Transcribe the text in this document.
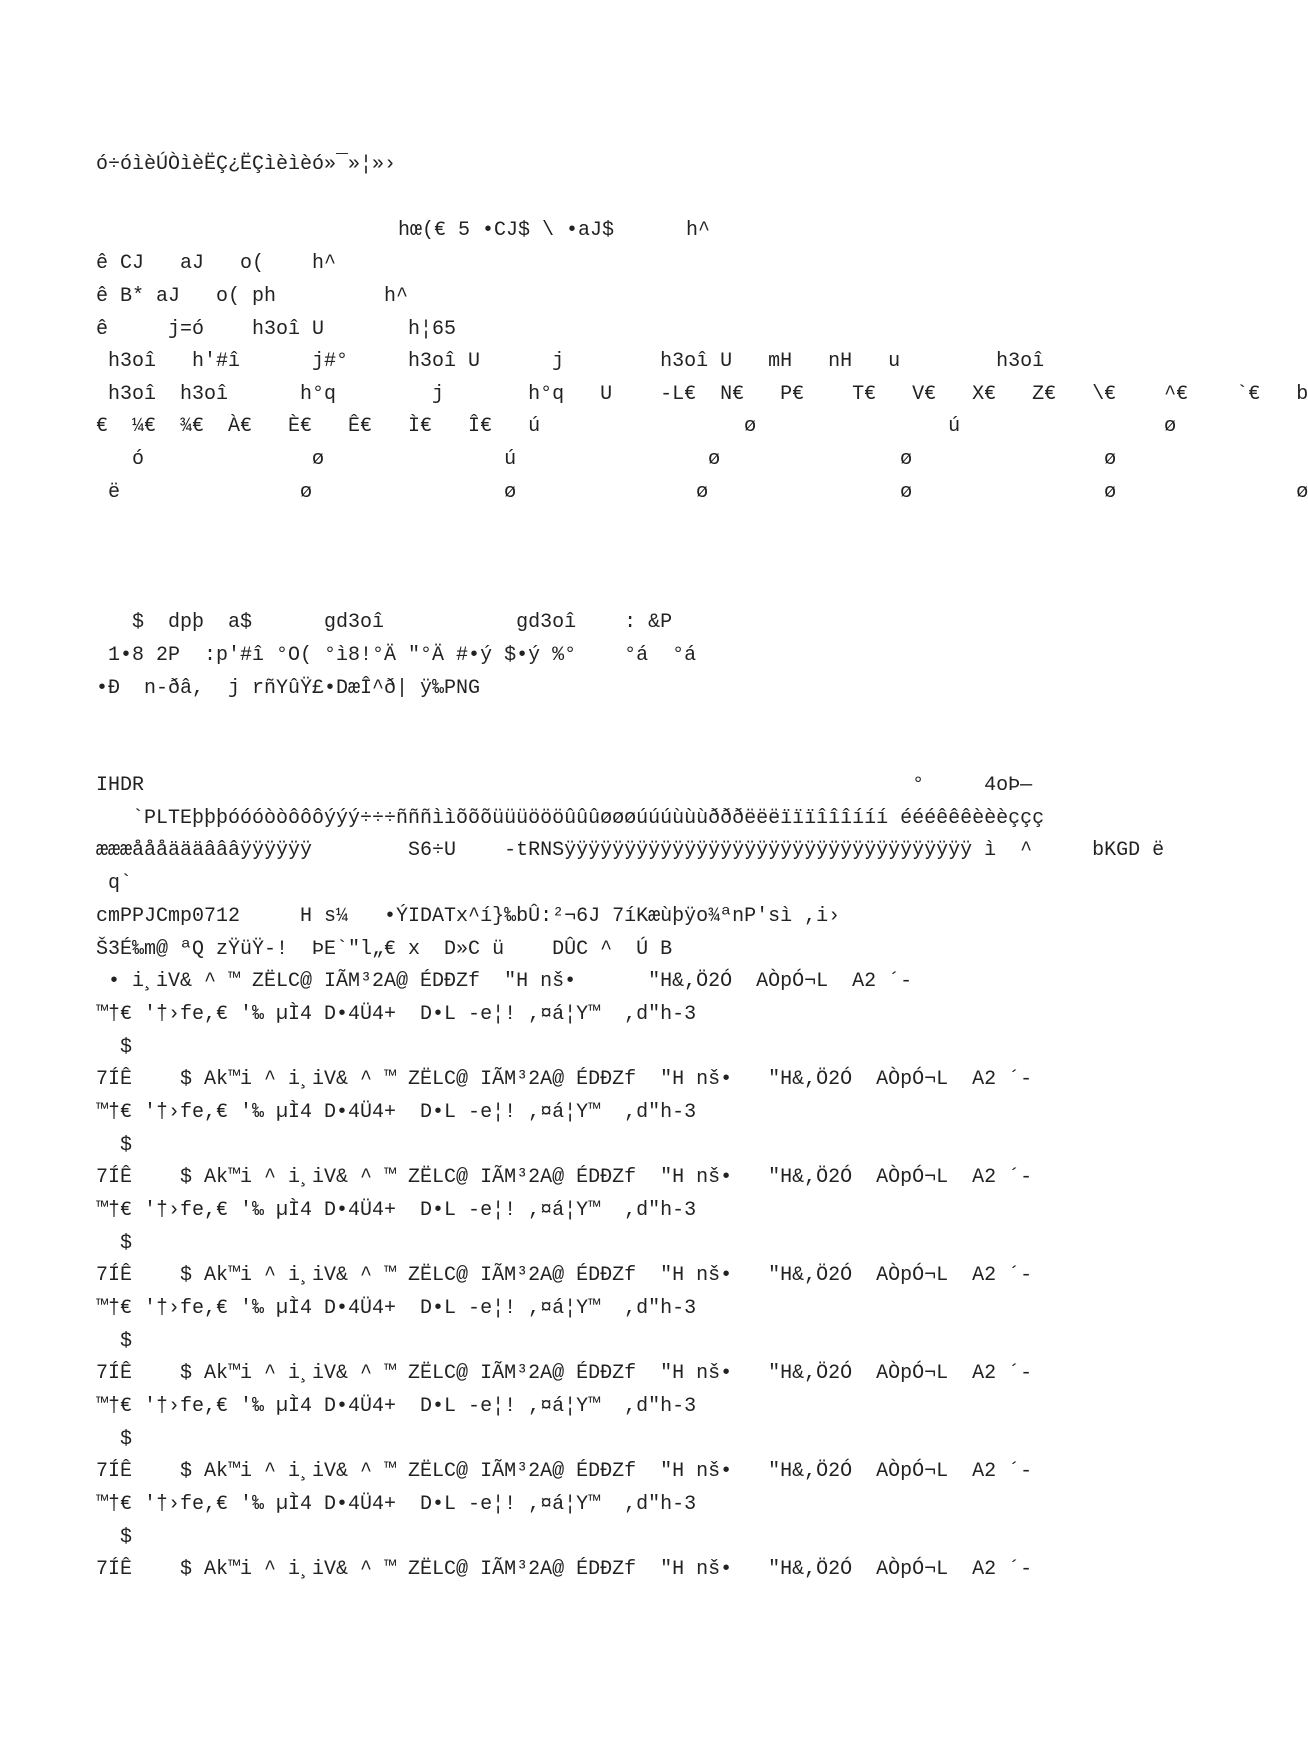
ó÷óìèÚÒìèËÇ¿ËÇìèìèó»¯»¦»›
hœ(€ 5 •CJ$ \ •aJ$      h^
ê CJ   aJ   o(    h^
ê B* aJ   o( ph         h^
ê     j=ó    h3oî U       h¦65
h3oî   h'#î      j#°     h3oî U      j        h3oî U   mH   nH   u        h3oî
h3oî  h3oî      h°q        j       h°q   U    -L€  N€   P€    T€   V€   X€   Z€   \€    ^€    `€   b
€  ¼€  ¾€  À€   È€   Ê€   Ì€   Î€   ú                 ø                ú                 ø
ó              ø               ú                ø               ø                ø
ë               ø                ø               ø                ø                ø               ø
$  dpþ  a$      gd3oî           gd3oî    : &P
1•8 2P  :p'#î °O( °ì8!°Ä "°Ä #•ý $•ý %°    °á  °á
•Ð  n-ðâ,  j rñYûŸ£•DæÎ^ð| ÿ‰PNG
IHDR                                                                °     4oÞ—
`PLTEþþþóóóòòôôôýýý÷÷÷ñññììõõõüüüöööûûûøøøúúúùùùðððëëëïïïîîîííí éééêêêèèèççç
æææåååäääâââÿÿÿÿÿÿ        S6÷U    -tRNSÿÿÿÿÿÿÿÿÿÿÿÿÿÿÿÿÿÿÿÿÿÿÿÿÿÿÿÿÿÿÿÿÿÿ ì  ^     bKGD ë
q`
cmPPJCmp0712     H s¼   •ÝIDATx^í}‰bÛ:²¬6J 7íKæùþÿo¾ªnP'sì ,i›
Š3É‰m@ ªQ zŸüŸ-!  ÞE`"l„€ x  D»C ü    DÛC ^  Ú B
• i¸iV& ^ ™ ZËLC@ IÃM³2A@ ÉDÐZf  "H nš•      "H&,Ö2Ó  AÒpÓ¬L  A2 ´-
™†€ '†›fe,€ '‰ µÌ4 D•4Ü4+  D•L -e¦! ,¤á¦Y™  ,d"h-3
$
7ÍÊ    $ Ak™i ^ i¸iV& ^ ™ ZËLC@ IÃM³2A@ ÉDÐZf  "H nš•   "H&,Ö2Ó  AÒpÓ¬L  A2 ´-
™†€ '†›fe,€ '‰ µÌ4 D•4Ü4+  D•L -e¦! ,¤á¦Y™  ,d"h-3
$
7ÍÊ    $ Ak™i ^ i¸iV& ^ ™ ZËLC@ IÃM³2A@ ÉDÐZf  "H nš•   "H&,Ö2Ó  AÒpÓ¬L  A2 ´-
™†€ '†›fe,€ '‰ µÌ4 D•4Ü4+  D•L -e¦! ,¤á¦Y™  ,d"h-3
$
7ÍÊ    $ Ak™i ^ i¸iV& ^ ™ ZËLC@ IÃM³2A@ ÉDÐZf  "H nš•   "H&,Ö2Ó  AÒpÓ¬L  A2 ´-
™†€ '†›fe,€ '‰ µÌ4 D•4Ü4+  D•L -e¦! ,¤á¦Y™  ,d"h-3
$
7ÍÊ    $ Ak™i ^ i¸iV& ^ ™ ZËLC@ IÃM³2A@ ÉDÐZf  "H nš•   "H&,Ö2Ó  AÒpÓ¬L  A2 ´-
™†€ '†›fe,€ '‰ µÌ4 D•4Ü4+  D•L -e¦! ,¤á¦Y™  ,d"h-3
$
7ÍÊ    $ Ak™i ^ i¸iV& ^ ™ ZËLC@ IÃM³2A@ ÉDÐZf  "H nš•   "H&,Ö2Ó  AÒpÓ¬L  A2 ´-
™†€ '†›fe,€ '‰ µÌ4 D•4Ü4+  D•L -e¦! ,¤á¦Y™  ,d"h-3
$
7ÍÊ    $ Ak™i ^ i¸iV& ^ ™ ZËLC@ IÃM³2A@ ÉDÐZf  "H nš•   "H&,Ö2Ó  AÒpÓ¬L  A2 ´-
